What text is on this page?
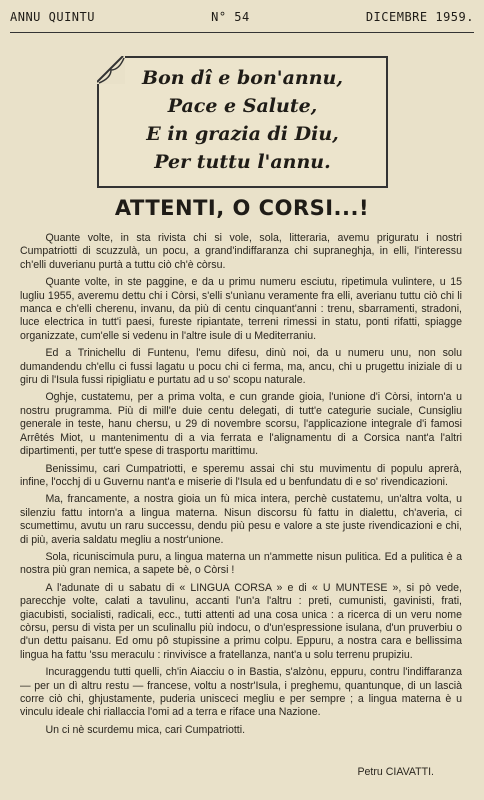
ANNU QUINTU	N° 54	DICEMBRE 1959.
Bon dî e bon'annu,
Pace e Salute,
E in grazia di Diu,
Per tuttu l'annu.
ATTENTI, O CORSI...!

Quante volte, in sta rivista chi si vole, sola, litteraria, avemu priguratu i nostri Cumpatriotti di scuzzulà, un pocu, a grand'indiffaranza chi supraneghja, in elli, l'interessu ch'elli duverianu purtà a tuttu ciò ch'è còrsu.

Quante volte, in ste paggine, e da u primu numeru esciutu, ripetimula vulintere, u 15 lugliu 1955, averemu dettu chi i Còrsi, s'elli s'unìanu veramente fra elli, averianu tuttu ciò chi li manca e ch'elli cherenu, invanu, da più di centu cinquant'anni : trenu, sbarramenti, stradoni, luce electrica in tutt'i paesi, fureste ripiantate, terreni rimessi in statu, ponti rifatti, spiagge organizzate, cum'elle si vedenu in l'altre isule di u Mediterraniu.

Ed a Trinichellu di Funtenu, l'emu difesu, dinù noi, da u numeru unu, non solu dumandendu ch'ellu ci fussi lagatu u pocu chi ci ferma, ma, ancu, chi u prugettu iniziale di u giru di l'Isula fussi ripigliatu e purtatu ad u so' scopu naturale.

Oghje, custatemu, per a prima volta, e cun grande gioia, l'unione d'i Còrsi, intorn'a u nostru prugramma. Più di mill'e duie centu delegati, di tutt'e categurie suciale, Cunsigliu generale in teste, hanu chersu, u 29 di novembre scorsu, l'applicazione integrale d'i famosi Arrêtés Miot, u mantenimentu di a via ferrata e l'alignamentu di a Corsica nant'a l'altri dipartimenti, per tutt'e spese di trasportu marittimu.

Benissimu, cari Cumpatriotti, e speremu assai chi stu muvimentu di populu aprerà, infine, l'occhj di u Guvernu nant'a e miserie di l'Isula ed u benfundatu di e so' rivendicazioni.

Ma, francamente, a nostra gioia un fù mica intera, perchè custatemu, un'altra volta, u silenziu fattu intorn'a a lingua materna. Nisun discorsu fù fattu in dialettu, ch'averia, ci scumettimu, avutu un raru successu, dendu più pesu e valore a ste juste rivendicazioni e chi, di più, averia saldatu megliu a nostr'unione.

Sola, ricuniscimula puru, a lingua materna un n'ammette nisun pulitica. Ed a pulitica è a nostra più gran nemica, a sapete bè, o Còrsi !

A l'adunate di u sabatu di « LINGUA CORSA » e di « U MUNTESE », si pò vede, parecchje volte, calati a tavulinu, accanti l'un'a l'altru : preti, cumunisti, gavinisti, frati, giacubisti, socialisti, radicali, ecc., tutti attenti ad una cosa unica : a ricerca di un veru nome còrsu, persu di vista per un sculinallu più indocu, o d'un'espressione isulana, d'un pruverbiu o d'un dettu paisanu. Ed omu pô stupissine a primu colpu. Eppuru, a nostra cara e bellissima lingua ha fattu 'ssu meraculu : rinvivisce a fratellanza, nant'a u solu terrenu prupiziu.

Incuraggendu tutti quelli, ch'in Aiacciu o in Bastia, s'alzònu, eppuru, contru l'indiffaranza — per un dì altru restu — francese, voltu a nostr'Isula, i preghemu, quantunque, di un lascià corre ciò chi, ghjustamente, puderia unisceci megliu e per sempre ; a lingua materna è u vinculu ideale chi riallaccia l'omi ad a terra e riface una Nazione.

Un ci nè scurdemu mica, cari Cumpatriotti.

Petru CIAVATTI.
